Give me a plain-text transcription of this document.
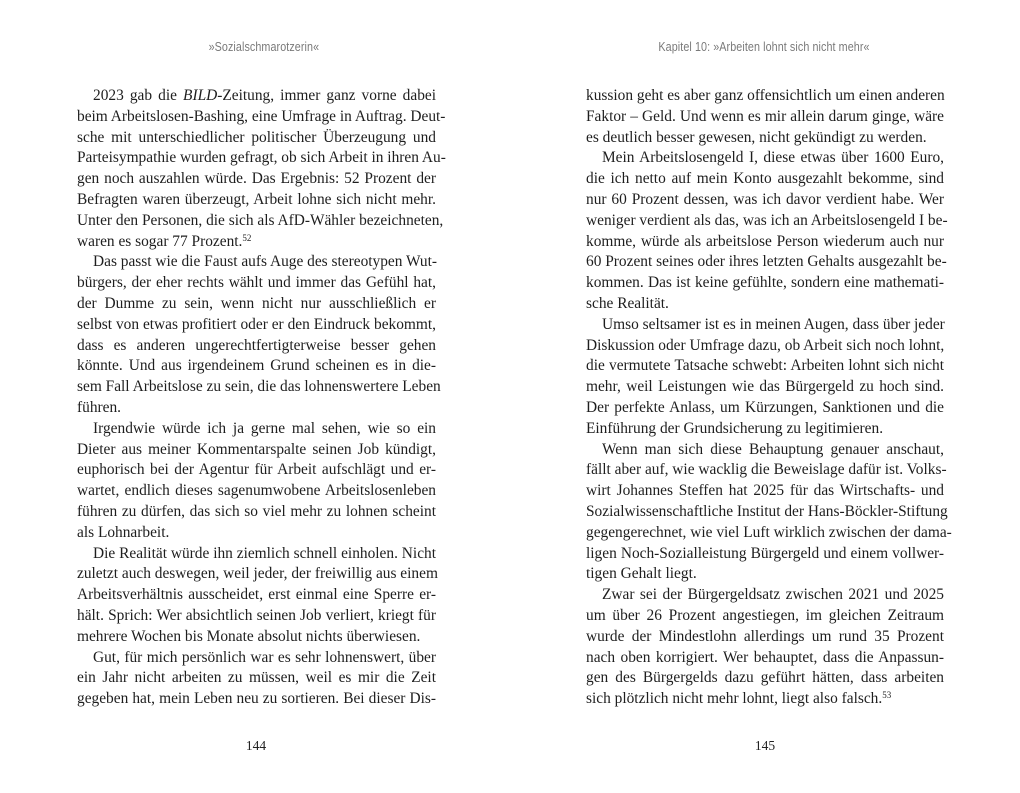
»Sozialschmarotzerin«

2023 gab die BILD-Zeitung, immer ganz vorne dabei
beim Arbeitslosen-Bashing, eine Umfrage in Auftrag. Deut-
sche mit unterschiedlicher politischer Überzeugung und
Parteisympathie wurden gefragt, ob sich Arbeit in ihren Au-
gen noch auszahlen würde. Das Ergebnis: 52 Prozent der
Befragten waren überzeugt, Arbeit lohne sich nicht mehr.
Unter den Personen, die sich als AfD-Wähler bezeichneten,
waren es sogar 77 Prozent.$^{52}$

Das passt wie die Faust aufs Auge des stereotypen Wut-
bürgers, der eher rechts wählt und immer das Gefühl hat,
der Dumme zu sein, wenn nicht nur ausschließlich er
selbst von etwas profitiert oder er den Eindruck bekommt,
dass es anderen ungerechtfertigterweise besser gehen
könnte. Und aus irgendeinem Grund scheinen es in die-
sem Fall Arbeitslose zu sein, die das lohnenswertere Leben
führen.

Irgendwie würde ich ja gerne mal sehen, wie so ein
Dieter aus meiner Kommentarspalte seinen Job kündigt,
euphorisch bei der Agentur für Arbeit aufschlägt und er-
wartet, endlich dieses sagenumwobene Arbeitslosenleben
führen zu dürfen, das sich so viel mehr zu lohnen scheint
als Lohnarbeit.

Die Realität würde ihn ziemlich schnell einholen. Nicht
zuletzt auch deswegen, weil jeder, der freiwillig aus einem
Arbeitsverhältnis ausscheidet, erst einmal eine Sperre er-
hält. Sprich: Wer absichtlich seinen Job verliert, kriegt für
mehrere Wochen bis Monate absolut nichts überwiesen.

Gut, für mich persönlich war es sehr lohnenswert, über
ein Jahr nicht arbeiten zu müssen, weil es mir die Zeit
gegeben hat, mein Leben neu zu sortieren. Bei dieser Dis-

144
Kapitel 10: »Arbeiten lohnt sich nicht mehr«

kussion geht es aber ganz offensichtlich um einen anderen
Faktor – Geld. Und wenn es mir allein darum ginge, wäre
es deutlich besser gewesen, nicht gekündigt zu werden.

Mein Arbeitslosengeld I, diese etwas über 1600 Euro,
die ich netto auf mein Konto ausgezahlt bekomme, sind
nur 60 Prozent dessen, was ich davor verdient habe. Wer
weniger verdient als das, was ich an Arbeitslosengeld I be-
komme, würde als arbeitslose Person wiederum auch nur
60 Prozent seines oder ihres letzten Gehalts ausgezahlt be-
kommen. Das ist keine gefühlte, sondern eine mathemati-
sche Realität.

Umso seltsamer ist es in meinen Augen, dass über jeder
Diskussion oder Umfrage dazu, ob Arbeit sich noch lohnt,
die vermutete Tatsache schwebt: Arbeiten lohnt sich nicht
mehr, weil Leistungen wie das Bürgergeld zu hoch sind.
Der perfekte Anlass, um Kürzungen, Sanktionen und die
Einführung der Grundsicherung zu legitimieren.

Wenn man sich diese Behauptung genauer anschaut,
fällt aber auf, wie wacklig die Beweislage dafür ist. Volks-
wirt Johannes Steffen hat 2025 für das Wirtschafts- und
Sozialwissenschaftliche Institut der Hans-Böckler-Stiftung
gegengerechnet, wie viel Luft wirklich zwischen der dama-
ligen Noch-Sozialleistung Bürgergeld und einem vollwer-
tigen Gehalt liegt.

Zwar sei der Bürgergeldsatz zwischen 2021 und 2025
um über 26 Prozent angestiegen, im gleichen Zeitraum
wurde der Mindestlohn allerdings um rund 35 Prozent
nach oben korrigiert. Wer behauptet, dass die Anpassun-
gen des Bürgergelds dazu geführt hätten, dass arbeiten
sich plötzlich nicht mehr lohnt, liegt also falsch.$^{53}$

145
